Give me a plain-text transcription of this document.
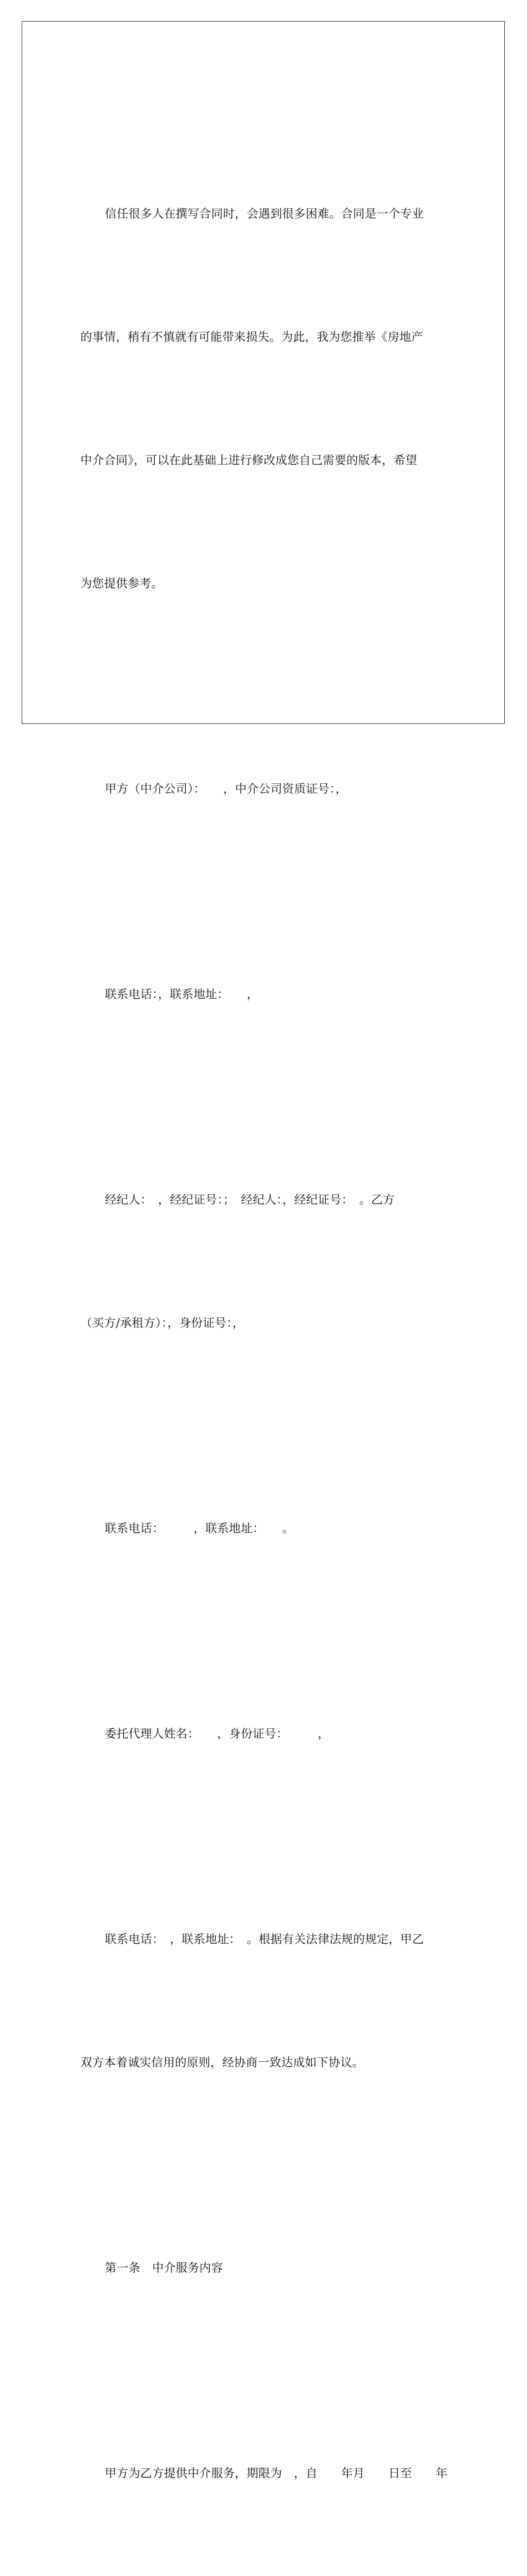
信任很多人在撰写合同时，会遇到很多困难。合同是一个专业

的事情，稍有不慎就有可能带来损失。为此，我为您推举《房地产

中介合同》，可以在此基础上进行修改成您自己需要的版本，希望

为您提供参考。

甲方（中介公司）：　　，中介公司资质证号：，

联系电话：，联系地址：　　，

经纪人：　，经纪证号：；　经纪人：，经纪证号：　。乙方

（买方/承租方）：，身份证号：，

联系电话：　　　，联系地址：　　。

委托代理人姓名：　　，身份证号：　　　，

联系电话：　，联系地址：　。根据有关法律法规的规定，甲乙

双方本着诚实信用的原则，经协商一致达成如下协议。

第一条　中介服务内容

甲方为乙方提供中介服务，期限为　，自　　年月　　日至　　年
